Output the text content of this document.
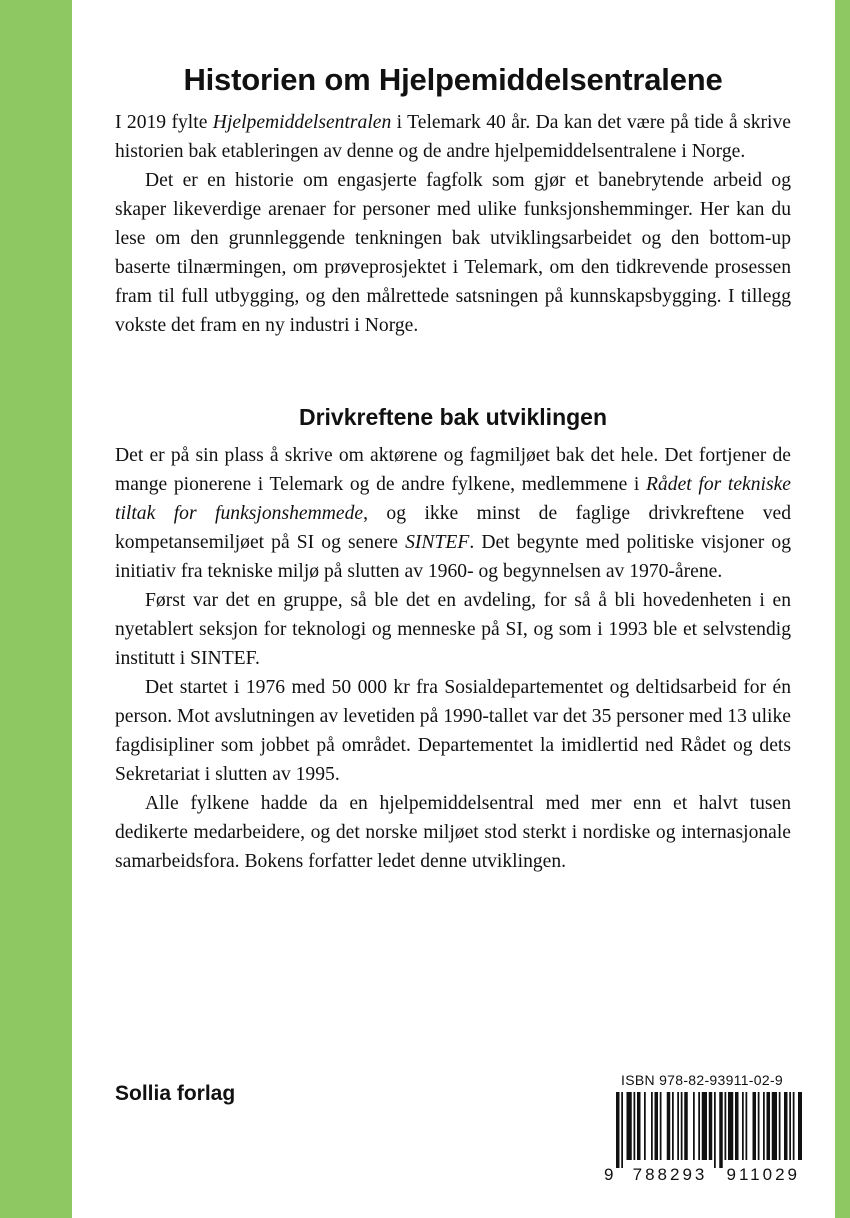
Historien om Hjelpemiddelsentralene

I 2019 fylte Hjelpemiddelsentralen i Telemark 40 år. Da kan det være på tide å skrive historien bak etableringen av denne og de andre hjelpemiddelsentralene i Norge.

Det er en historie om engasjerte fagfolk som gjør et banebrytende arbeid og skaper likeverdige arenaer for personer med ulike funksjonshemminger. Her kan du lese om den grunnleggende tenkningen bak utviklingsarbeidet og den bottom-up baserte tilnærmingen, om prøveprosjektet i Telemark, om den tidkrevende prosessen fram til full utbygging, og den målrettede satsningen på kunnskapsbygging. I tillegg vokste det fram en ny industri i Norge.

Drivkreftene bak utviklingen

Det er på sin plass å skrive om aktørene og fagmiljøet bak det hele. Det fortjener de mange pionerene i Telemark og de andre fylkene, medlemmene i Rådet for tekniske tiltak for funksjonshemmede, og ikke minst de faglige drivkreftene ved kompetansemiljøet på SI og senere SINTEF. Det begynte med politiske visjoner og initiativ fra tekniske miljø på slutten av 1960- og begynnelsen av 1970-årene.

Først var det en gruppe, så ble det en avdeling, for så å bli hovedenheten i en nyetablert seksjon for teknologi og menneske på SI, og som i 1993 ble et selvstendig institutt i SINTEF.

Det startet i 1976 med 50 000 kr fra Sosialdepartementet og deltidsarbeid for én person. Mot avslutningen av levetiden på 1990-tallet var det 35 personer med 13 ulike fagdisipliner som jobbet på området. Departementet la imidlertid ned Rådet og dets Sekretariat i slutten av 1995.

Alle fylkene hadde da en hjelpemiddelsentral med mer enn et halvt tusen dedikerte medarbeidere, og det norske miljøet stod sterkt i nordiske og internasjonale samarbeidsfora. Bokens forfatter ledet denne utviklingen.

Sollia forlag
ISBN 978-82-93911-02-9
9 788293 911029
